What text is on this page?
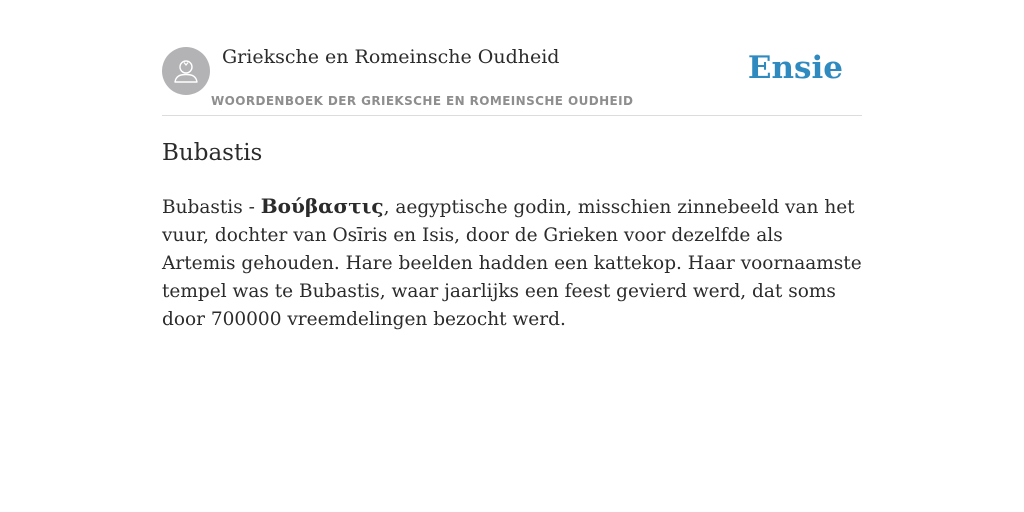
Grieksche en Romeinsche Oudheid
WOORDENBOEK DER GRIEKSCHE EN ROMEINSCHE OUDHEID
Ensie
Bubastis

Bubastis - Βούβαστις, aegyptische godin, misschien zinnebeeld van het vuur, dochter van Osīris en Isis, door de Grieken voor dezelfde als Artemis gehouden. Hare beelden hadden een kattekop. Haar voornaamste tempel was te Bubastis, waar jaarlijks een feest gevierd werd, dat soms door 700000 vreemdelingen bezocht werd.
